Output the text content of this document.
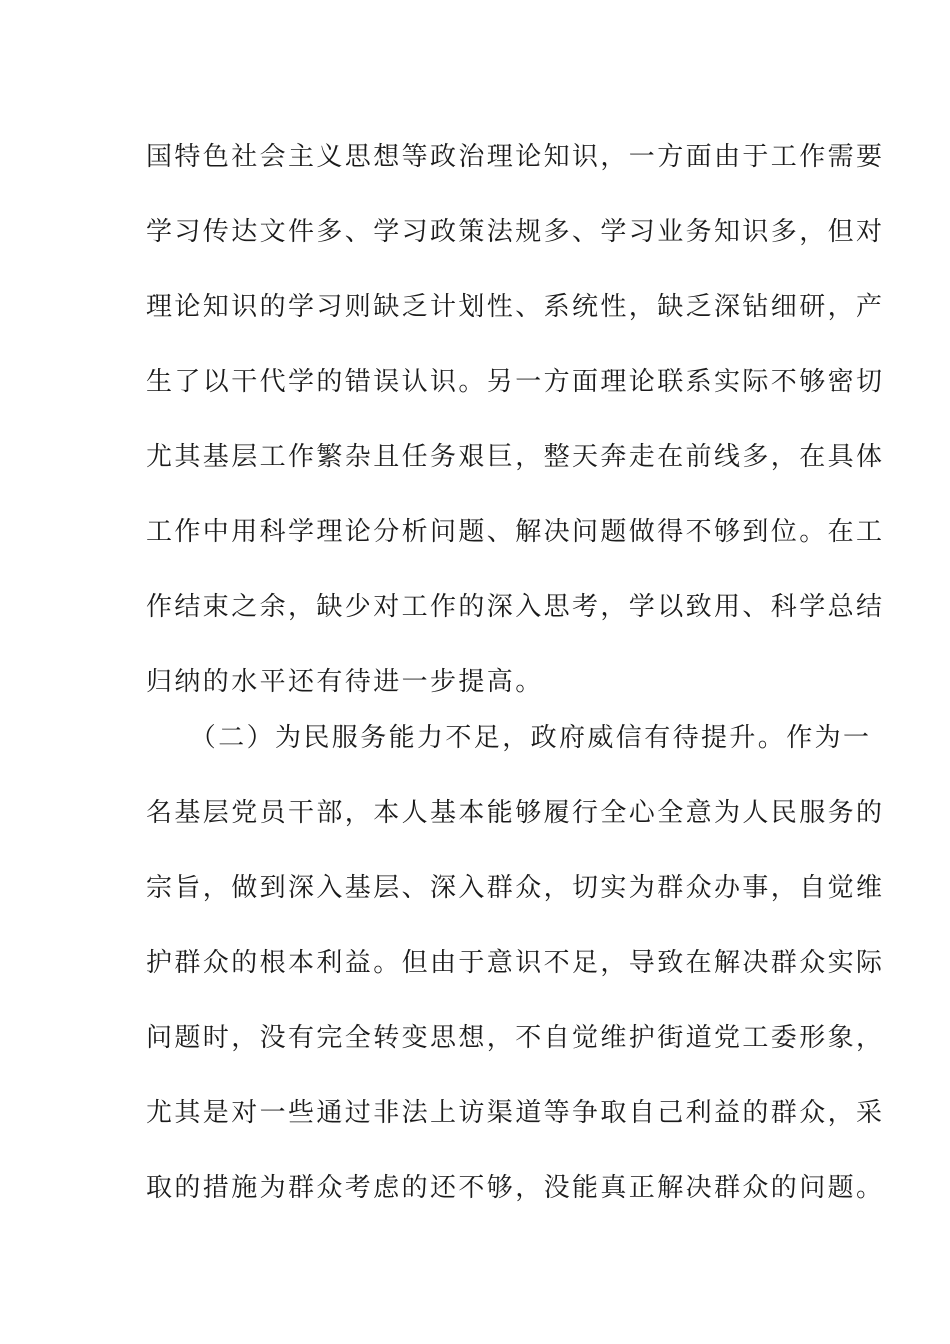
国特色社会主义思想等政治理论知识，一方面由于工作需要
学习传达文件多、学习政策法规多、学习业务知识多，但对
理论知识的学习则缺乏计划性、系统性，缺乏深钻细研，产
生了以干代学的错误认识。另一方面理论联系实际不够密切
尤其基层工作繁杂且任务艰巨，整天奔走在前线多，在具体
工作中用科学理论分析问题、解决问题做得不够到位。在工
作结束之余，缺少对工作的深入思考，学以致用、科学总结
归纳的水平还有待进一步提高。
　　（二）为民服务能力不足，政府威信有待提升。作为一
名基层党员干部，本人基本能够履行全心全意为人民服务的
宗旨，做到深入基层、深入群众，切实为群众办事，自觉维
护群众的根本利益。但由于意识不足，导致在解决群众实际
问题时，没有完全转变思想，不自觉维护街道党工委形象，
尤其是对一些通过非法上访渠道等争取自己利益的群众，采
取的措施为群众考虑的还不够，没能真正解决群众的问题。
